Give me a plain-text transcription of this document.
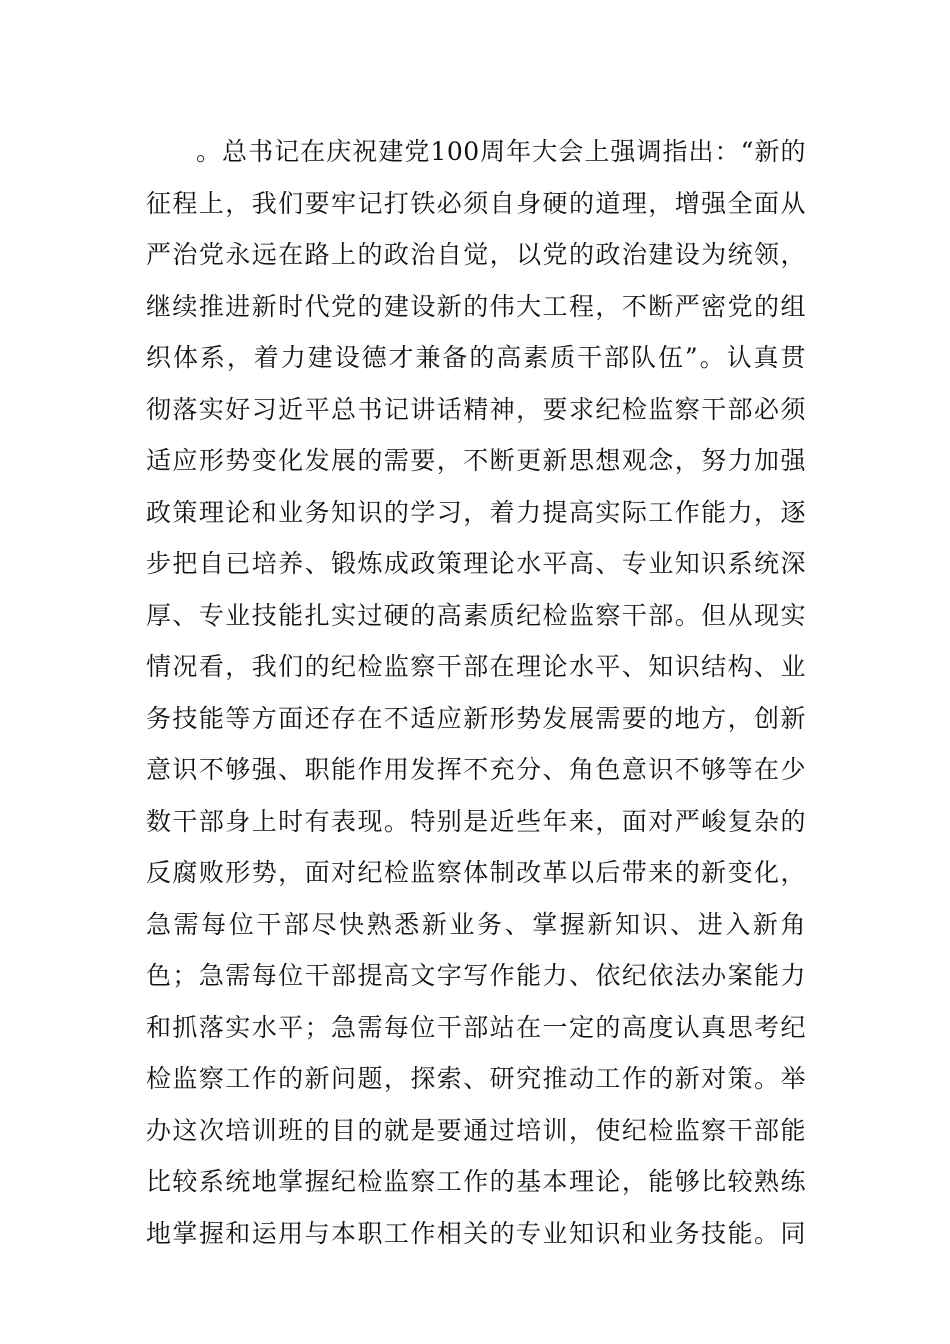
。总书记在庆祝建党100周年大会上强调指出：“新的
征程上，我们要牢记打铁必须自身硬的道理，增强全面从
严治党永远在路上的政治自觉，以党的政治建设为统领，
继续推进新时代党的建设新的伟大工程，不断严密党的组
织体系，着力建设德才兼备的高素质干部队伍”。认真贯
彻落实好习近平总书记讲话精神，要求纪检监察干部必须
适应形势变化发展的需要，不断更新思想观念，努力加强
政策理论和业务知识的学习，着力提高实际工作能力，逐
步把自已培养、锻炼成政策理论水平高、专业知识系统深
厚、专业技能扎实过硬的高素质纪检监察干部。但从现实
情况看，我们的纪检监察干部在理论水平、知识结构、业
务技能等方面还存在不适应新形势发展需要的地方，创新
意识不够强、职能作用发挥不充分、角色意识不够等在少
数干部身上时有表现。特别是近些年来，面对严峻复杂的
反腐败形势，面对纪检监察体制改革以后带来的新变化，
急需每位干部尽快熟悉新业务、掌握新知识、进入新角
色；急需每位干部提高文字写作能力、依纪依法办案能力
和抓落实水平；急需每位干部站在一定的高度认真思考纪
检监察工作的新问题，探索、研究推动工作的新对策。举
办这次培训班的目的就是要通过培训，使纪检监察干部能
比较系统地掌握纪检监察工作的基本理论，能够比较熟练
地掌握和运用与本职工作相关的专业知识和业务技能。同
